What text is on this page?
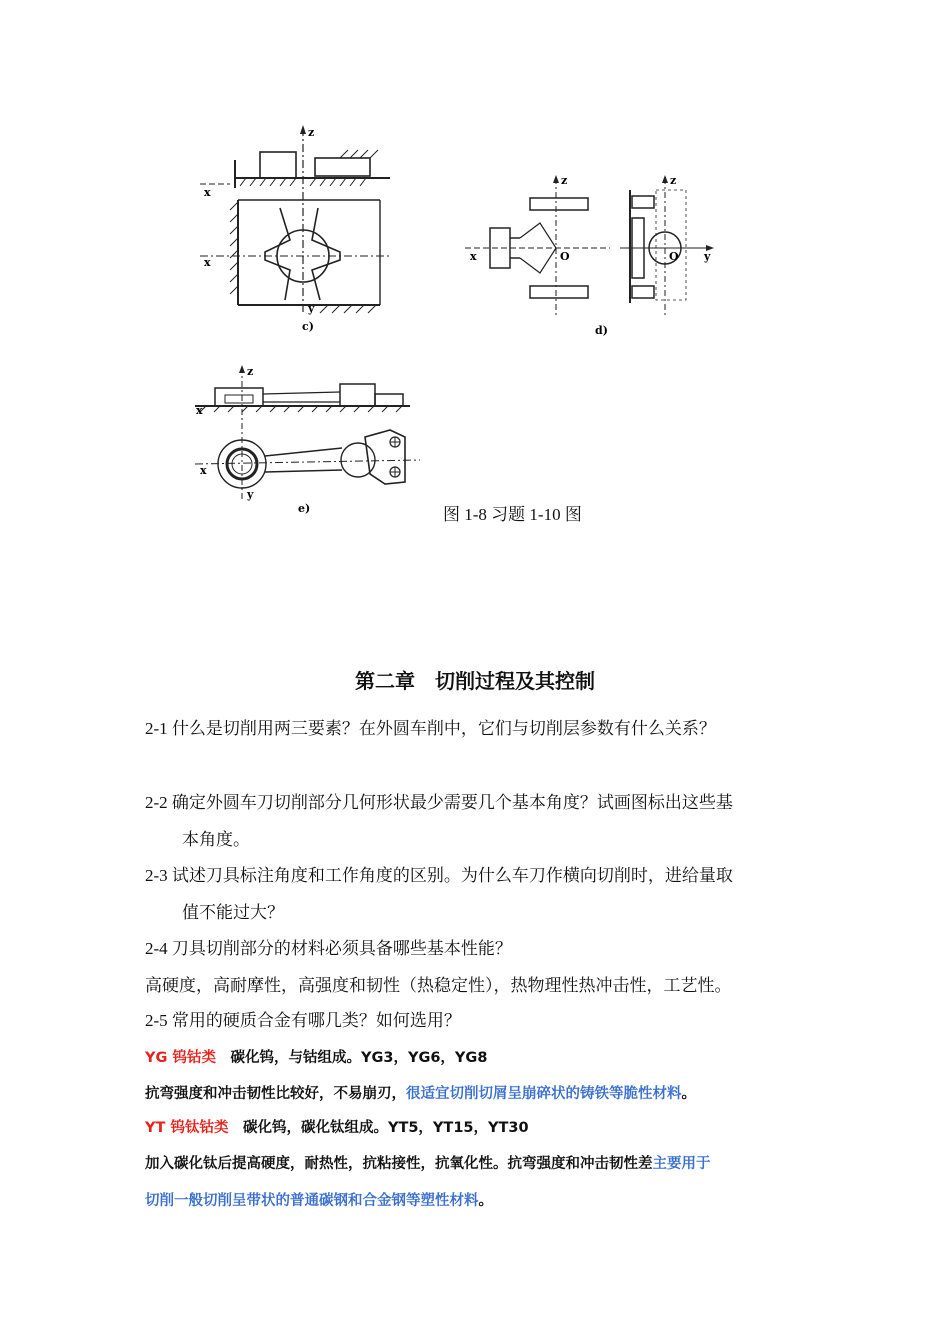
z
x
x
y
c)
z
x	O
z
y
O
d)
z
x
x
y
e)	图 1-8 习题 1-10 图
第二章　切削过程及其控制
2-1 什么是切削用两三要素？在外圆车削中，它们与切削层参数有什么关系？
2-2 确定外圆车刀切削部分几何形状最少需要几个基本角度？试画图标出这些基
本角度。
2-3 试述刀具标注角度和工作角度的区别。为什么车刀作横向切削时，进给量取
值不能过大？
2-4 刀具切削部分的材料必须具备哪些基本性能？
高硬度，高耐摩性，高强度和韧性（热稳定性），热物理性热冲击性，工艺性。
2-5 常用的硬质合金有哪几类？如何选用？
YG 钨钴类　碳化钨，与钴组成。YG3，YG6，YG8
抗弯强度和冲击韧性比较好，不易崩刃，很适宜切削切屑呈崩碎状的铸铁等脆性材料。
YT 钨钛钴类　碳化钨，碳化钛组成。YT5，YT15，YT30
加入碳化钛后提高硬度，耐热性，抗粘接性，抗氧化性。抗弯强度和冲击韧性差主要用于
切削一般切削呈带状的普通碳钢和合金钢等塑性材料。
